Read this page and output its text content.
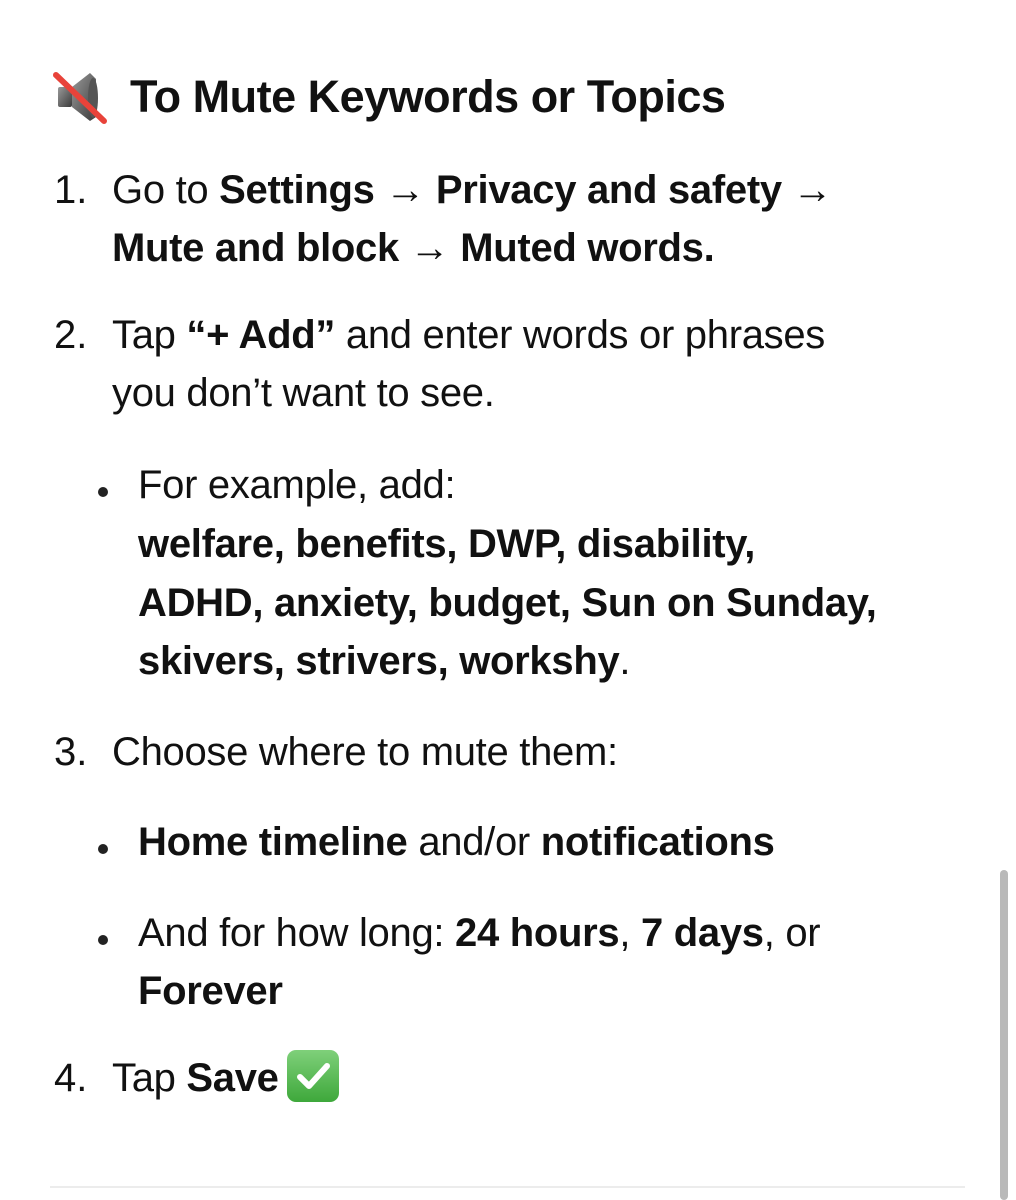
To Mute Keywords or Topics
1. Go to Settings → Privacy and safety →
Mute and block → Muted words.
2. Tap “+ Add” and enter words or phrases
you don’t want to see.
For example, add:
welfare, benefits, DWP, disability,
ADHD, anxiety, budget, Sun on Sunday,
skivers, strivers, workshy.
3. Choose where to mute them:
Home timeline and/or notifications
And for how long: 24 hours, 7 days, or
Forever
4. Tap Save
